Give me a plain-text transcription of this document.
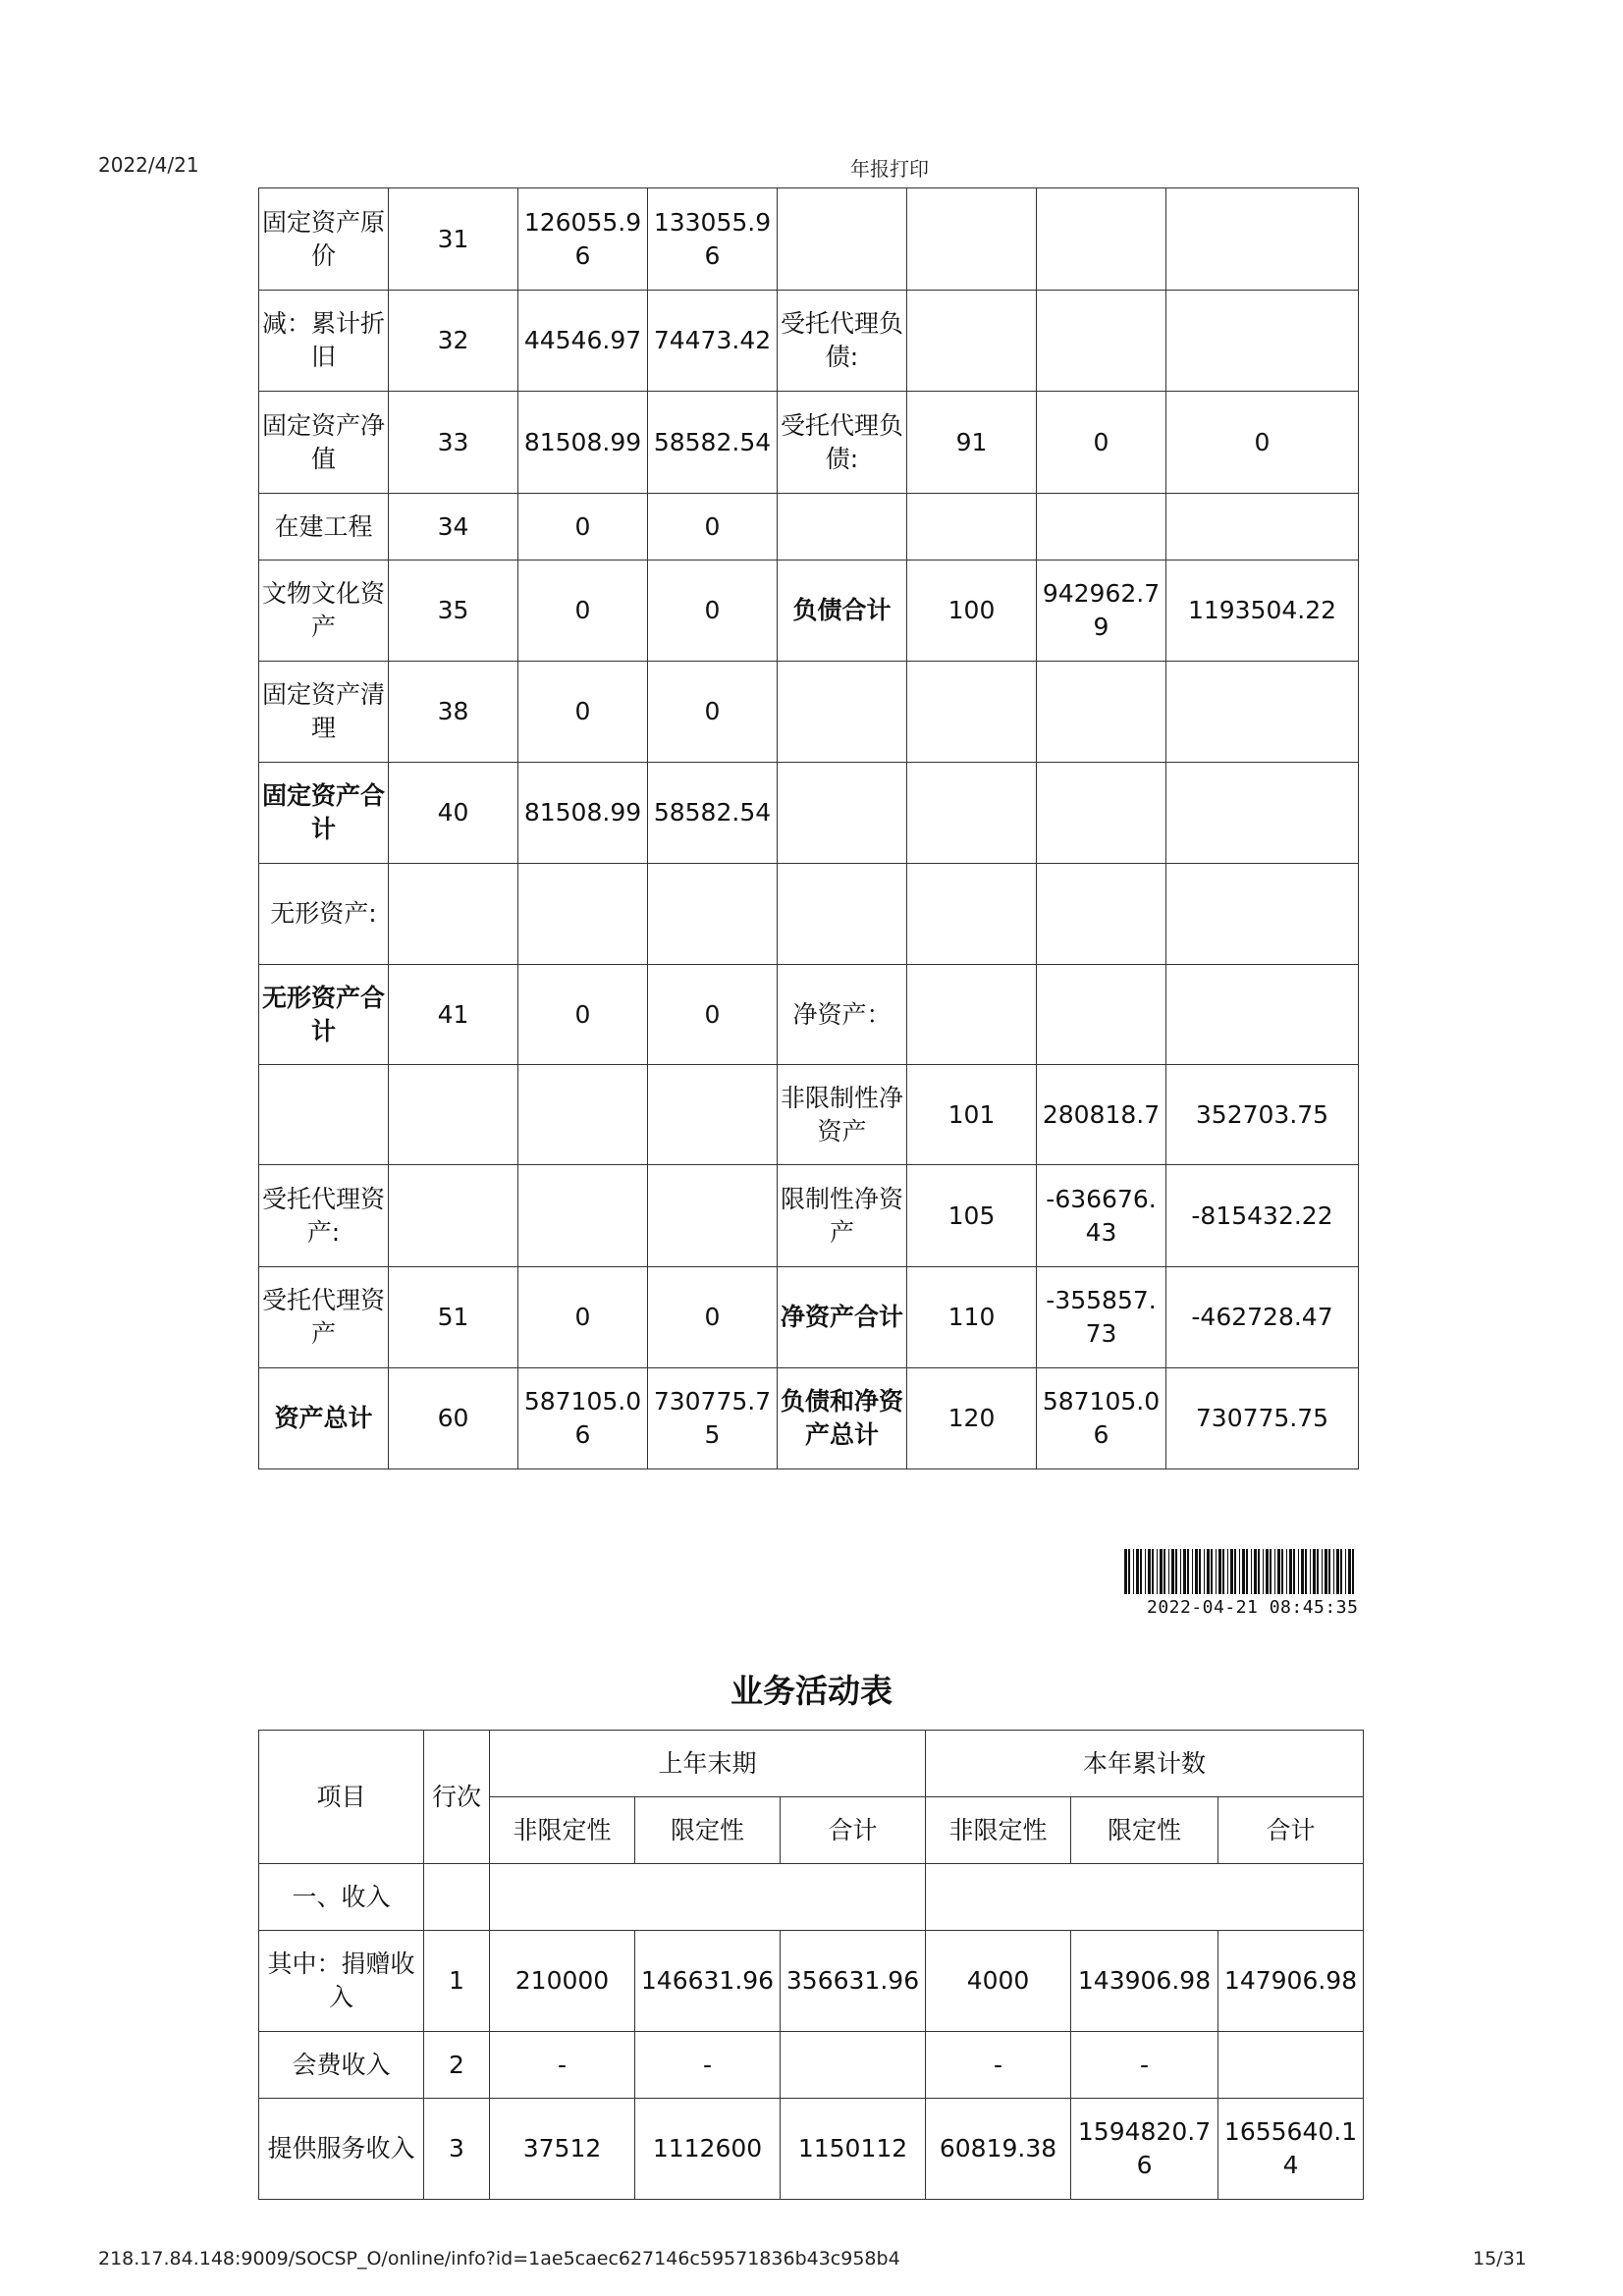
2022/4/21	年报打印
固定资产原价	31	126055.96	133055.96				
减：累计折旧	32	44546.97	74473.42	受托代理负债:			
固定资产净值	33	81508.99	58582.54	受托代理负债:	91	0	0
在建工程	34	0	0				
文物文化资产	35	0	0	负债合计	100	942962.79	1193504.22
固定资产清理	38	0	0				
固定资产合计	40	81508.99	58582.54				
无形资产:							
无形资产合计	41	0	0	净资产：			
				非限制性净资产	101	280818.7	352703.75
受托代理资产:				限制性净资产	105	-636676.43	-815432.22
受托代理资产	51	0	0	净资产合计	110	-355857.73	-462728.47
资产总计	60	587105.06	730775.75	负债和净资产总计	120	587105.06	730775.75
2022-04-21 08:45:35
业务活动表
项目	行次	上年末期			本年累计数		
		非限定性	限定性	合计	非限定性	限定性	合计
一、收入							
其中：捐赠收入	1	210000	146631.96	356631.96	4000	143906.98	147906.98
会费收入	2	-	-		-	-	
提供服务收入	3	37512	1112600	1150112	60819.38	1594820.76	1655640.14
218.17.84.148:9009/SOCSP_O/online/info?id=1ae5caec627146c59571836b43c958b4	15/31
